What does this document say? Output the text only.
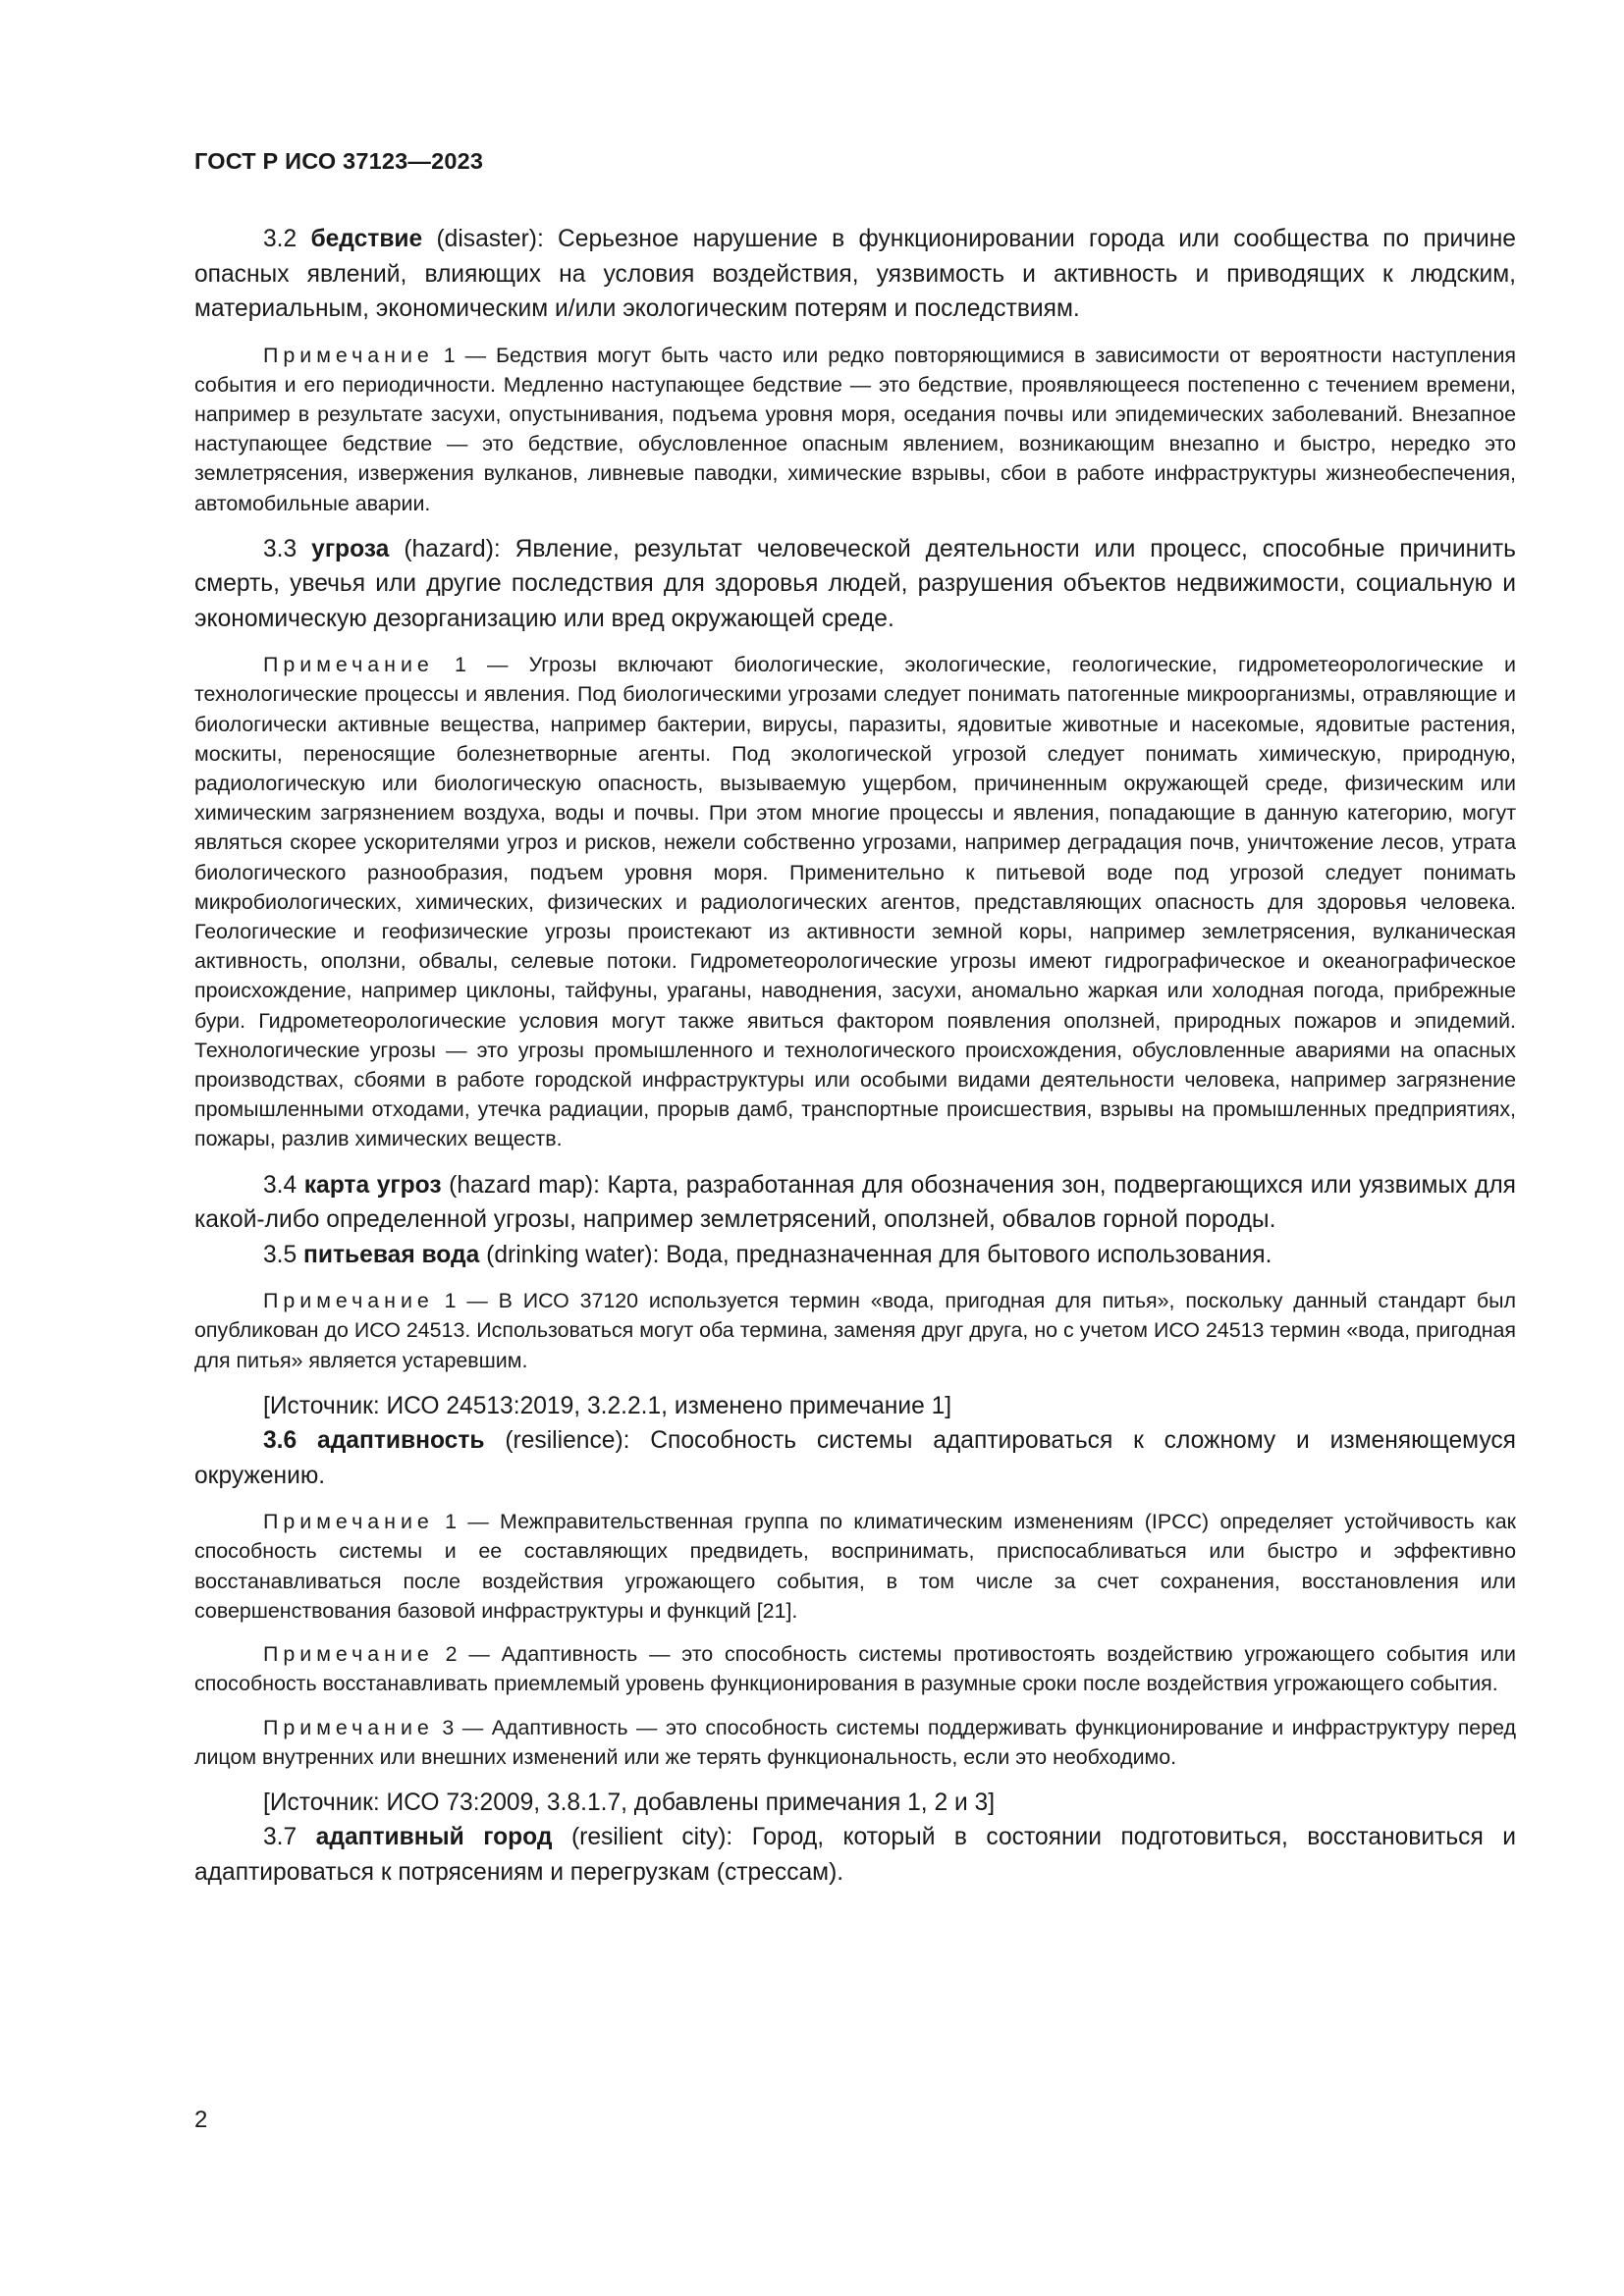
ГОСТ Р ИСО 37123—2023

3.2 бедствие (disaster): Серьезное нарушение в функционировании города или сообщества по причине опасных явлений, влияющих на условия воздействия, уязвимость и активность и приводящих к людским, материальным, экономическим и/или экологическим потерям и последствиям.

Примечание 1 — Бедствия могут быть часто или редко повторяющимися в зависимости от вероятности наступления события и его периодичности. Медленно наступающее бедствие — это бедствие, проявляющееся постепенно с течением времени, например в результате засухи, опустынивания, подъема уровня моря, оседания почвы или эпидемических заболеваний. Внезапное наступающее бедствие — это бедствие, обусловленное опасным явлением, возникающим внезапно и быстро, нередко это землетрясения, извержения вулканов, ливневые паводки, химические взрывы, сбои в работе инфраструктуры жизнеобеспечения, автомобильные аварии.

3.3 угроза (hazard): Явление, результат человеческой деятельности или процесс, способные причинить смерть, увечья или другие последствия для здоровья людей, разрушения объектов недвижимости, социальную и экономическую дезорганизацию или вред окружающей среде.

Примечание 1 — Угрозы включают биологические, экологические, геологические, гидрометеорологические и технологические процессы и явления. Под биологическими угрозами следует понимать патогенные микроорганизмы, отравляющие и биологически активные вещества, например бактерии, вирусы, паразиты, ядовитые животные и насекомые, ядовитые растения, москиты, переносящие болезнетворные агенты. Под экологической угрозой следует понимать химическую, природную, радиологическую или биологическую опасность, вызываемую ущербом, причиненным окружающей среде, физическим или химическим загрязнением воздуха, воды и почвы. При этом многие процессы и явления, попадающие в данную категорию, могут являться скорее ускорителями угроз и рисков, нежели собственно угрозами, например деградация почв, уничтожение лесов, утрата биологического разнообразия, подъем уровня моря. Применительно к питьевой воде под угрозой следует понимать микробиологических, химических, физических и радиологических агентов, представляющих опасность для здоровья человека. Геологические и геофизические угрозы проистекают из активности земной коры, например землетрясения, вулканическая активность, оползни, обвалы, селевые потоки. Гидрометеорологические угрозы имеют гидрографическое и океанографическое происхождение, например циклоны, тайфуны, ураганы, наводнения, засухи, аномально жаркая или холодная погода, прибрежные бури. Гидрометеорологические условия могут также явиться фактором появления оползней, природных пожаров и эпидемий. Технологические угрозы — это угрозы промышленного и технологического происхождения, обусловленные авариями на опасных производствах, сбоями в работе городской инфраструктуры или особыми видами деятельности человека, например загрязнение промышленными отходами, утечка радиации, прорыв дамб, транспортные происшествия, взрывы на промышленных предприятиях, пожары, разлив химических веществ.

3.4 карта угроз (hazard map): Карта, разработанная для обозначения зон, подвергающихся или уязвимых для какой-либо определенной угрозы, например землетрясений, оползней, обвалов горной породы.

3.5 питьевая вода (drinking water): Вода, предназначенная для бытового использования.

Примечание 1 — В ИСО 37120 используется термин «вода, пригодная для питья», поскольку данный стандарт был опубликован до ИСО 24513. Использоваться могут оба термина, заменяя друг друга, но с учетом ИСО 24513 термин «вода, пригодная для питья» является устаревшим.

[Источник: ИСО 24513:2019, 3.2.2.1, изменено примечание 1]

3.6 адаптивность (resilience): Способность системы адаптироваться к сложному и изменяющемуся окружению.

Примечание 1 — Межправительственная группа по климатическим изменениям (IPCC) определяет устойчивость как способность системы и ее составляющих предвидеть, воспринимать, приспосабливаться или быстро и эффективно восстанавливаться после воздействия угрожающего события, в том числе за счет сохранения, восстановления или совершенствования базовой инфраструктуры и функций [21].

Примечание 2 — Адаптивность — это способность системы противостоять воздействию угрожающего события или способность восстанавливать приемлемый уровень функционирования в разумные сроки после воздействия угрожающего события.

Примечание 3 — Адаптивность — это способность системы поддерживать функционирование и инфраструктуру перед лицом внутренних или внешних изменений или же терять функциональность, если это необходимо.

[Источник: ИСО 73:2009, 3.8.1.7, добавлены примечания 1, 2 и 3]

3.7 адаптивный город (resilient city): Город, который в состоянии подготовиться, восстановиться и адаптироваться к потрясениям и перегрузкам (стрессам).

2
